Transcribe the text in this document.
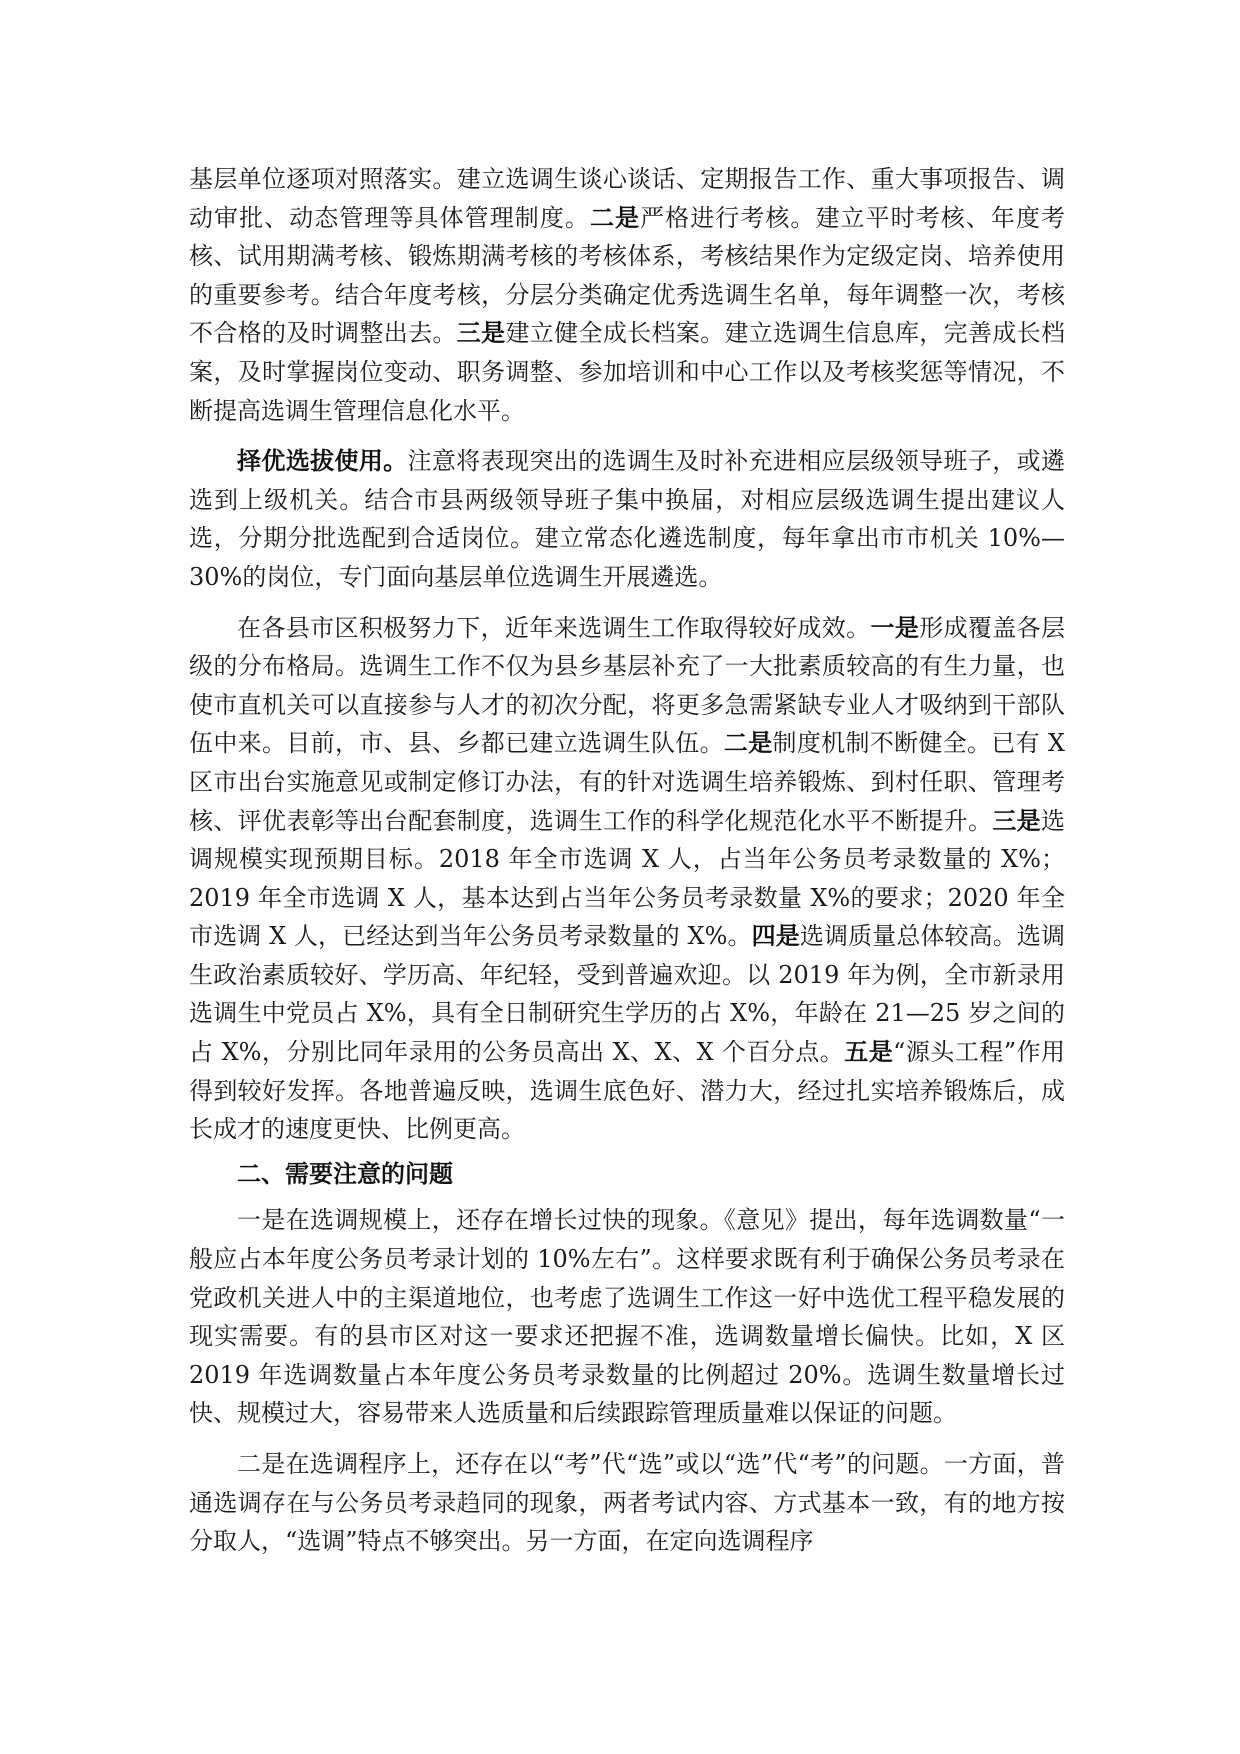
基层单位逐项对照落实。建立选调生谈心谈话、定期报告工作、重大事项报告、调动审批、动态管理等具体管理制度。二是严格进行考核。建立平时考核、年度考核、试用期满考核、锻炼期满考核的考核体系，考核结果作为定级定岗、培养使用的重要参考。结合年度考核，分层分类确定优秀选调生名单，每年调整一次，考核不合格的及时调整出去。三是建立健全成长档案。建立选调生信息库，完善成长档案，及时掌握岗位变动、职务调整、参加培训和中心工作以及考核奖惩等情况，不断提高选调生管理信息化水平。

择优选拔使用。注意将表现突出的选调生及时补充进相应层级领导班子，或遴选到上级机关。结合市县两级领导班子集中换届，对相应层级选调生提出建议人选，分期分批选配到合适岗位。建立常态化遴选制度，每年拿出市市机关 10%—30%的岗位，专门面向基层单位选调生开展遴选。

在各县市区积极努力下，近年来选调生工作取得较好成效。一是形成覆盖各层级的分布格局。选调生工作不仅为县乡基层补充了一大批素质较高的有生力量，也使市直机关可以直接参与人才的初次分配，将更多急需紧缺专业人才吸纳到干部队伍中来。目前，市、县、乡都已建立选调生队伍。二是制度机制不断健全。已有 X 区市出台实施意见或制定修订办法，有的针对选调生培养锻炼、到村任职、管理考核、评优表彰等出台配套制度，选调生工作的科学化规范化水平不断提升。三是选调规模实现预期目标。2018 年全市选调 X 人，占当年公务员考录数量的 X%；2019 年全市选调 X 人，基本达到占当年公务员考录数量 X%的要求；2020 年全市选调 X 人，已经达到当年公务员考录数量的 X%。四是选调质量总体较高。选调生政治素质较好、学历高、年纪轻，受到普遍欢迎。以 2019 年为例，全市新录用选调生中党员占 X%，具有全日制研究生学历的占 X%，年龄在 21—25 岁之间的占 X%，分别比同年录用的公务员高出 X、X、X 个百分点。五是“源头工程”作用得到较好发挥。各地普遍反映，选调生底色好、潜力大，经过扎实培养锻炼后，成长成才的速度更快、比例更高。

二、需要注意的问题

一是在选调规模上，还存在增长过快的现象。《意见》提出，每年选调数量“一般应占本年度公务员考录计划的 10%左右”。这样要求既有利于确保公务员考录在党政机关进人中的主渠道地位，也考虑了选调生工作这一好中选优工程平稳发展的现实需要。有的县市区对这一要求还把握不准，选调数量增长偏快。比如，X 区 2019 年选调数量占本年度公务员考录数量的比例超过 20%。选调生数量增长过快、规模过大，容易带来人选质量和后续跟踪管理质量难以保证的问题。

二是在选调程序上，还存在以“考”代“选”或以“选”代“考”的问题。一方面，普通选调存在与公务员考录趋同的现象，两者考试内容、方式基本一致，有的地方按分取人，“选调”特点不够突出。另一方面，在定向选调程序
